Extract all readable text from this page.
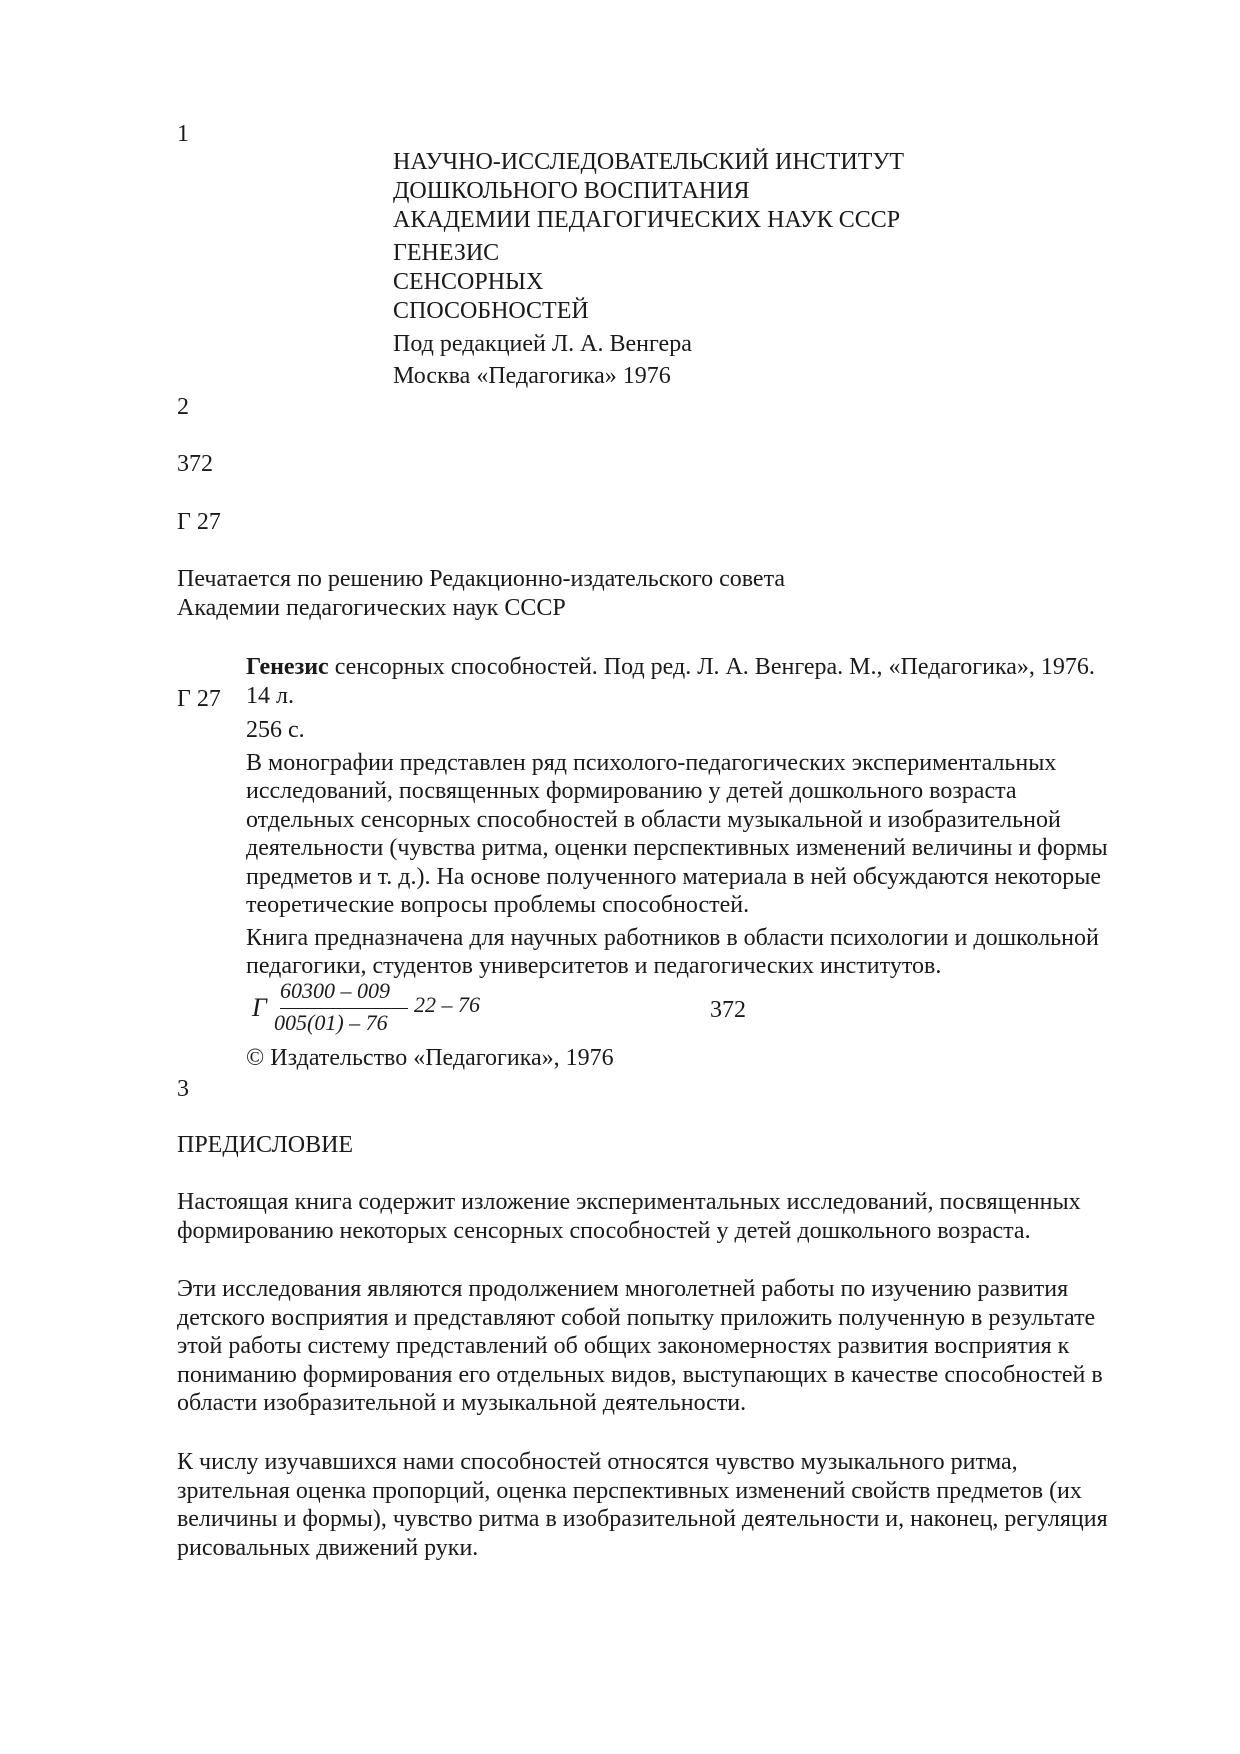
1
2
3
НАУЧНО-ИССЛЕДОВАТЕЛЬСКИЙ ИНСТИТУТ
ДОШКОЛЬНОГО ВОСПИТАНИЯ
АКАДЕМИИ ПЕДАГОГИЧЕСКИХ НАУК СССР
ГЕНЕЗИС
СЕНСОРНЫХ
СПОСОБНОСТЕЙ
Под редакцией Л. А. Венгера
Москва «Педагогика» 1976
372
Г 27
Печатается по решению Редакционно-издательского совета
Академии педагогических наук СССР
Г 27
Генезис сенсорных способностей. Под ред. Л. А. Венгера. М., «Педагогика», 1976.
14 л.
256 с.
В монографии представлен ряд психолого-педагогических экспериментальных
исследований, посвященных формированию у детей дошкольного возраста
отдельных сенсорных способностей в области музыкальной и изобразительной
деятельности (чувства ритма, оценки перспективных изменений величины и формы
предметов и т. д.). На основе полученного материала в ней обсуждаются некоторые
теоретические вопросы проблемы способностей.
Книга предназначена для научных работников в области психологии и дошкольной
педагогики, студентов университетов и педагогических институтов.
Г
60300 – 009
005(01) – 76
22 – 76	372
© Издательство «Педагогика», 1976
ПРЕДИСЛОВИЕ
Настоящая книга содержит изложение экспериментальных исследований, посвященных
формированию некоторых сенсорных способностей у детей дошкольного возраста.
Эти исследования являются продолжением многолетней работы по изучению развития
детского восприятия и представляют собой попытку приложить полученную в результате
этой работы систему представлений об общих закономерностях развития восприятия к
пониманию формирования его отдельных видов, выступающих в качестве способностей в
области изобразительной и музыкальной деятельности.
К числу изучавшихся нами способностей относятся чувство музыкального ритма,
зрительная оценка пропорций, оценка перспективных изменений свойств предметов (их
величины и формы), чувство ритма в изобразительной деятельности и, наконец, регуляция
рисовальных движений руки.
